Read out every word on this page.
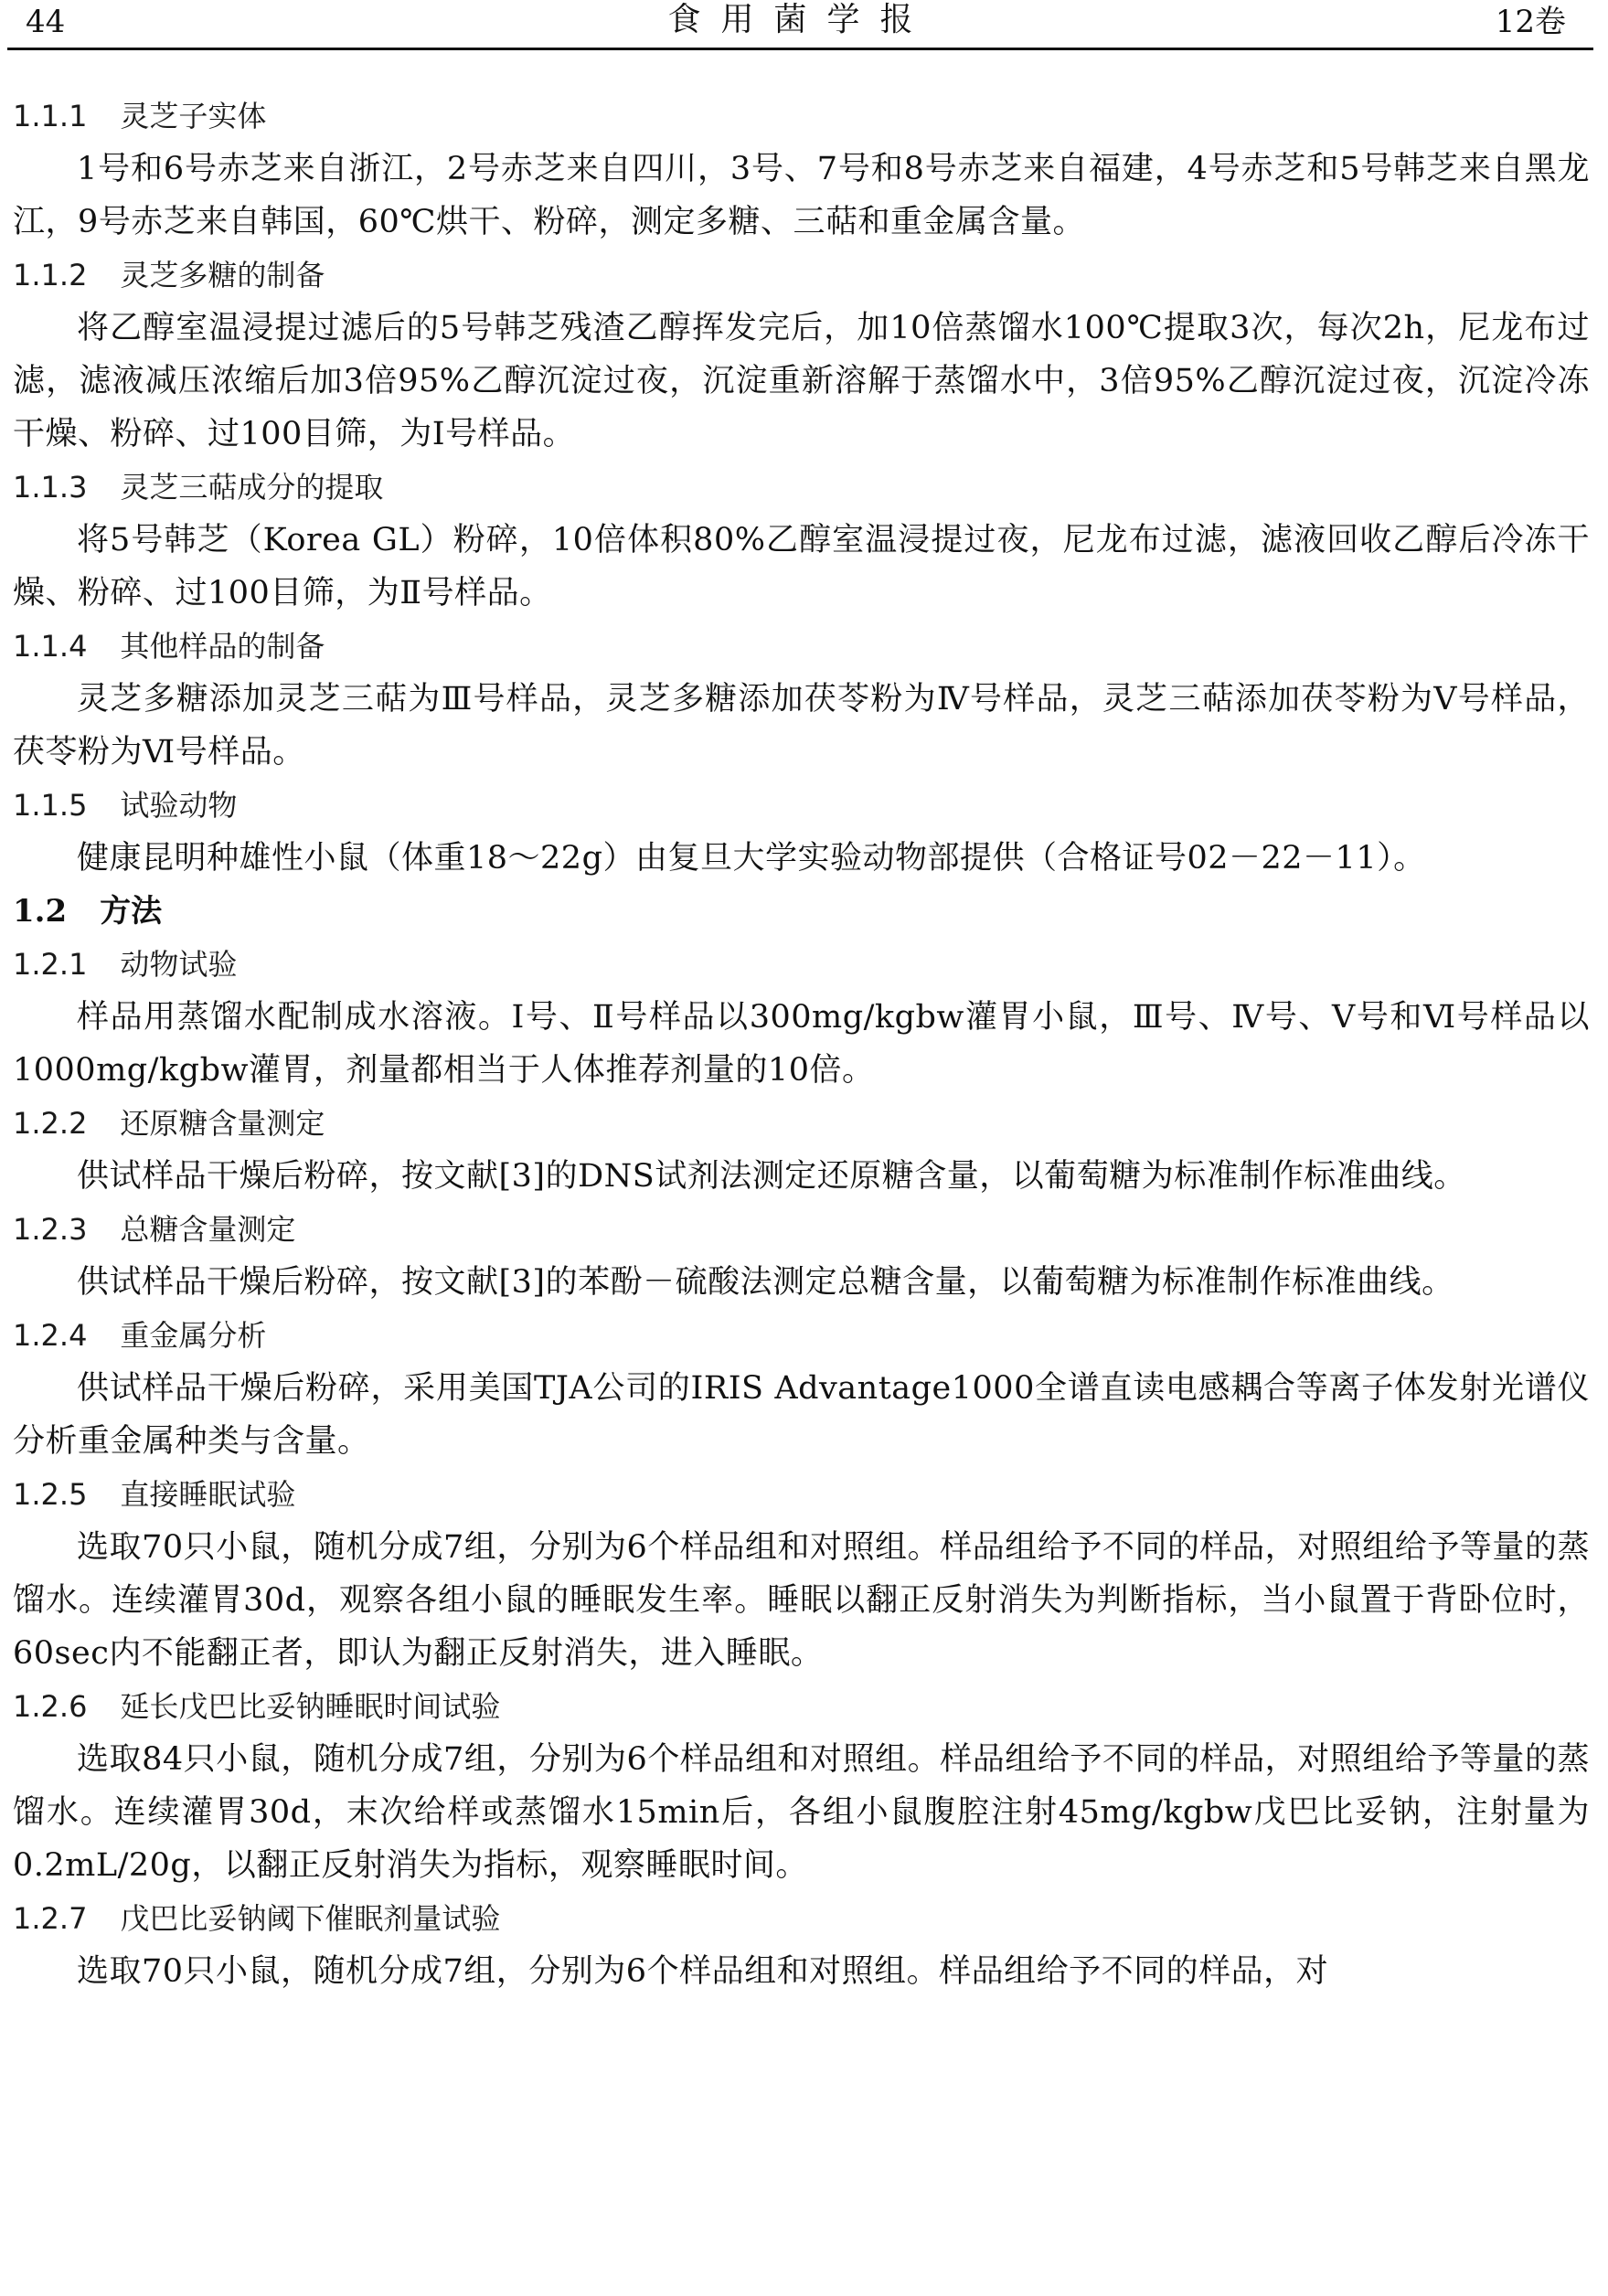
44	食用菌学报	12卷

1.1.1 灵芝子实体

1号和6号赤芝来自浙江，2号赤芝来自四川，3号、7号和8号赤芝来自福建，4号赤芝和5号韩芝来自黑龙江，9号赤芝来自韩国，60℃烘干、粉碎，测定多糖、三萜和重金属含量。

1.1.2 灵芝多糖的制备

将乙醇室温浸提过滤后的5号韩芝残渣乙醇挥发完后，加10倍蒸馏水100℃提取3次，每次2h，尼龙布过滤，滤液减压浓缩后加3倍95%乙醇沉淀过夜，沉淀重新溶解于蒸馏水中，3倍95%乙醇沉淀过夜，沉淀冷冻干燥、粉碎、过100目筛，为Ⅰ号样品。

1.1.3 灵芝三萜成分的提取

将5号韩芝（Korea GL）粉碎，10倍体积80%乙醇室温浸提过夜，尼龙布过滤，滤液回收乙醇后冷冻干燥、粉碎、过100目筛，为Ⅱ号样品。

1.1.4 其他样品的制备

灵芝多糖添加灵芝三萜为Ⅲ号样品，灵芝多糖添加茯苓粉为Ⅳ号样品，灵芝三萜添加茯苓粉为Ⅴ号样品，茯苓粉为Ⅵ号样品。

1.1.5 试验动物

健康昆明种雄性小鼠（体重18～22g）由复旦大学实验动物部提供（合格证号02－22－11）。

1.2 方法

1.2.1 动物试验

样品用蒸馏水配制成水溶液。Ⅰ号、Ⅱ号样品以300mg/kgbw灌胃小鼠，Ⅲ号、Ⅳ号、Ⅴ号和Ⅵ号样品以1000mg/kgbw灌胃，剂量都相当于人体推荐剂量的10倍。

1.2.2 还原糖含量测定

供试样品干燥后粉碎，按文献[3]的DNS试剂法测定还原糖含量，以葡萄糖为标准制作标准曲线。

1.2.3 总糖含量测定

供试样品干燥后粉碎，按文献[3]的苯酚－硫酸法测定总糖含量，以葡萄糖为标准制作标准曲线。

1.2.4 重金属分析

供试样品干燥后粉碎，采用美国TJA公司的IRIS Advantage1000全谱直读电感耦合等离子体发射光谱仪分析重金属种类与含量。

1.2.5 直接睡眠试验

选取70只小鼠，随机分成7组，分别为6个样品组和对照组。样品组给予不同的样品，对照组给予等量的蒸馏水。连续灌胃30d，观察各组小鼠的睡眠发生率。睡眠以翻正反射消失为判断指标，当小鼠置于背卧位时，60sec内不能翻正者，即认为翻正反射消失，进入睡眠。

1.2.6 延长戊巴比妥钠睡眠时间试验

选取84只小鼠，随机分成7组，分别为6个样品组和对照组。样品组给予不同的样品，对照组给予等量的蒸馏水。连续灌胃30d，末次给样或蒸馏水15min后，各组小鼠腹腔注射45mg/kgbw戊巴比妥钠，注射量为0.2mL/20g，以翻正反射消失为指标，观察睡眠时间。

1.2.7 戊巴比妥钠阈下催眠剂量试验

选取70只小鼠，随机分成7组，分别为6个样品组和对照组。样品组给予不同的样品，对
